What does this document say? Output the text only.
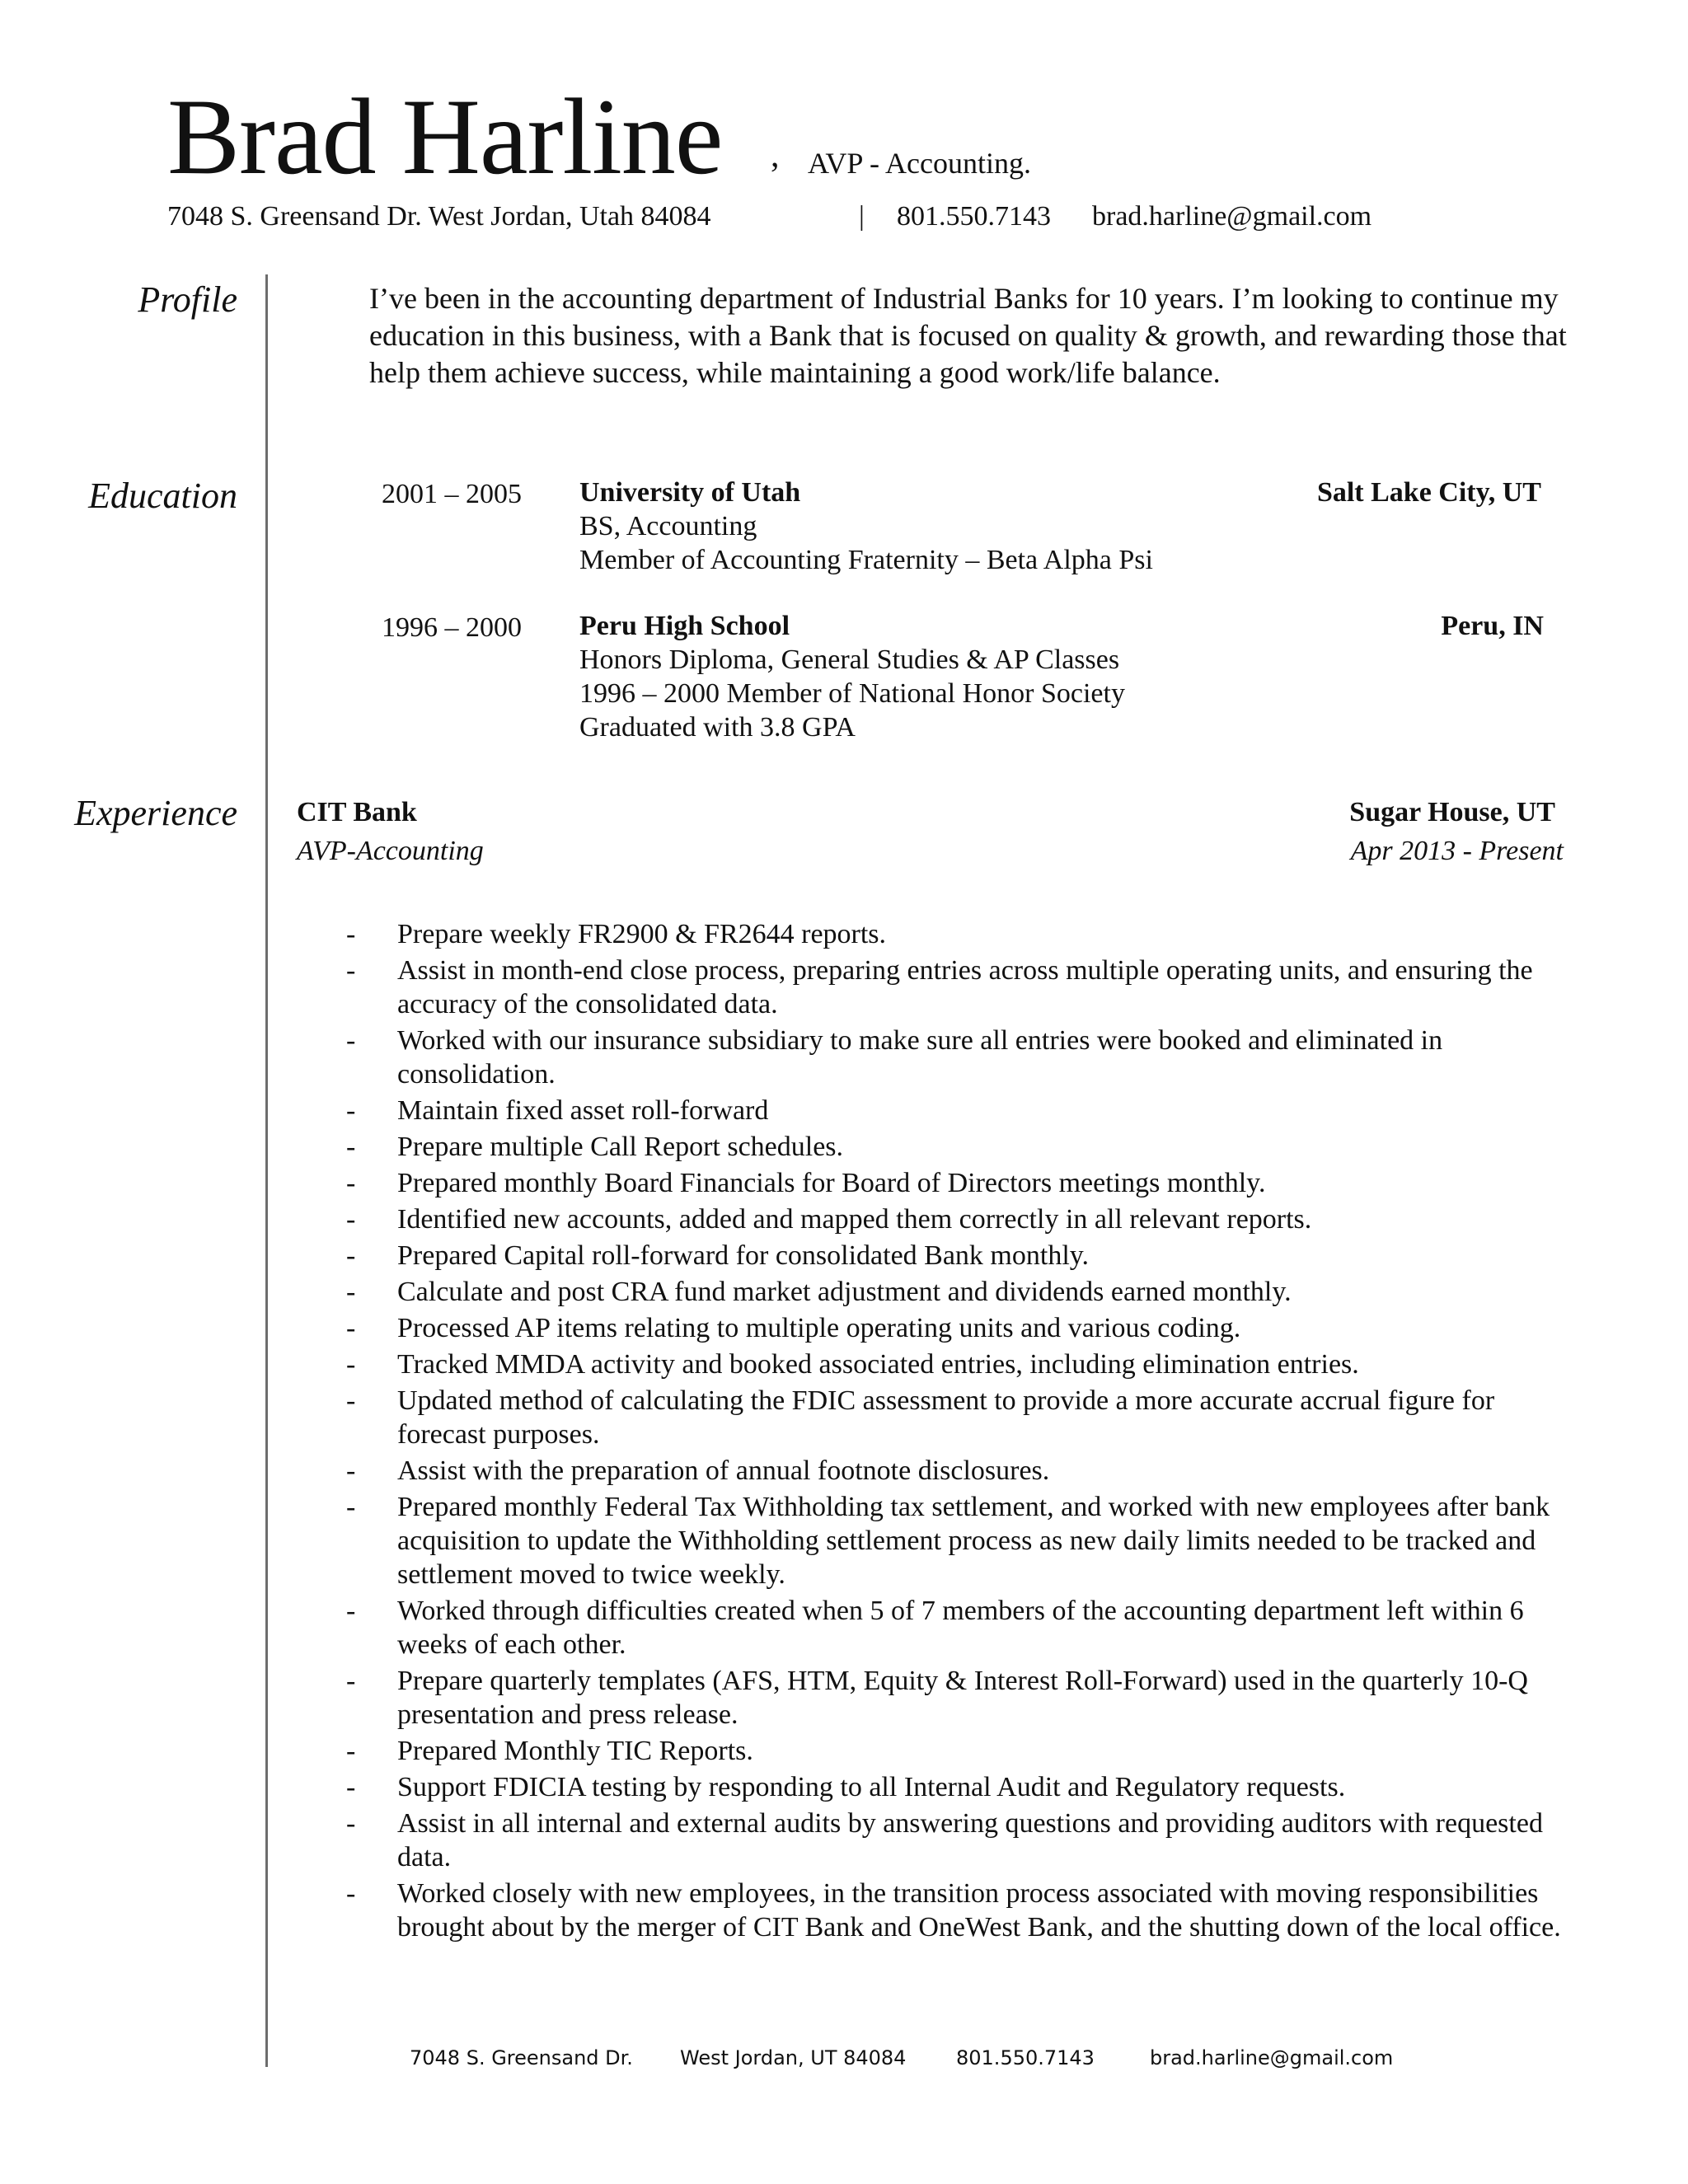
Brad Harline , AVP - Accounting.
7048 S. Greensand Dr. West Jordan, Utah 84084	| 801.550.7143 brad.harline@gmail.com
Profile	I’ve been in the accounting department of Industrial Banks for 10 years. I’m looking to continue my education in this business, with a Bank that is focused on quality & growth, and rewarding those that help them achieve success, while maintaining a good work/life balance.
Education	2001 – 2005 University of Utah	Salt Lake City, UT
BS, Accounting
Member of Accounting Fraternity – Beta Alpha Psi
1996 – 2000 Peru High School	Peru, IN
Honors Diploma, General Studies & AP Classes
1996 – 2000 Member of National Honor Society
Graduated with 3.8 GPA
Experience CIT Bank	Sugar House, UT
AVP-Accounting	Apr 2013 - Present
- Prepare weekly FR2900 & FR2644 reports.
- Assist in month-end close process, preparing entries across multiple operating units, and ensuring the accuracy of the consolidated data.
- Worked with our insurance subsidiary to make sure all entries were booked and eliminated in consolidation.
- Maintain fixed asset roll-forward
- Prepare multiple Call Report schedules.
- Prepared monthly Board Financials for Board of Directors meetings monthly.
- Identified new accounts, added and mapped them correctly in all relevant reports.
- Prepared Capital roll-forward for consolidated Bank monthly.
- Calculate and post CRA fund market adjustment and dividends earned monthly.
- Processed AP items relating to multiple operating units and various coding.
- Tracked MMDA activity and booked associated entries, including elimination entries.
- Updated method of calculating the FDIC assessment to provide a more accurate accrual figure for forecast purposes.
- Assist with the preparation of annual footnote disclosures.
- Prepared monthly Federal Tax Withholding tax settlement, and worked with new employees after bank acquisition to update the Withholding settlement process as new daily limits needed to be tracked and settlement moved to twice weekly.
- Worked through difficulties created when 5 of 7 members of the accounting department left within 6 weeks of each other.
- Prepare quarterly templates (AFS, HTM, Equity & Interest Roll-Forward) used in the quarterly 10-Q presentation and press release.
- Prepared Monthly TIC Reports.
- Support FDICIA testing by responding to all Internal Audit and Regulatory requests.
- Assist in all internal and external audits by answering questions and providing auditors with requested data.
- Worked closely with new employees, in the transition process associated with moving responsibilities brought about by the merger of CIT Bank and OneWest Bank, and the shutting down of the local office.
7048 S. Greensand Dr. West Jordan, UT 84084	801.550.7143	brad.harline@gmail.com
